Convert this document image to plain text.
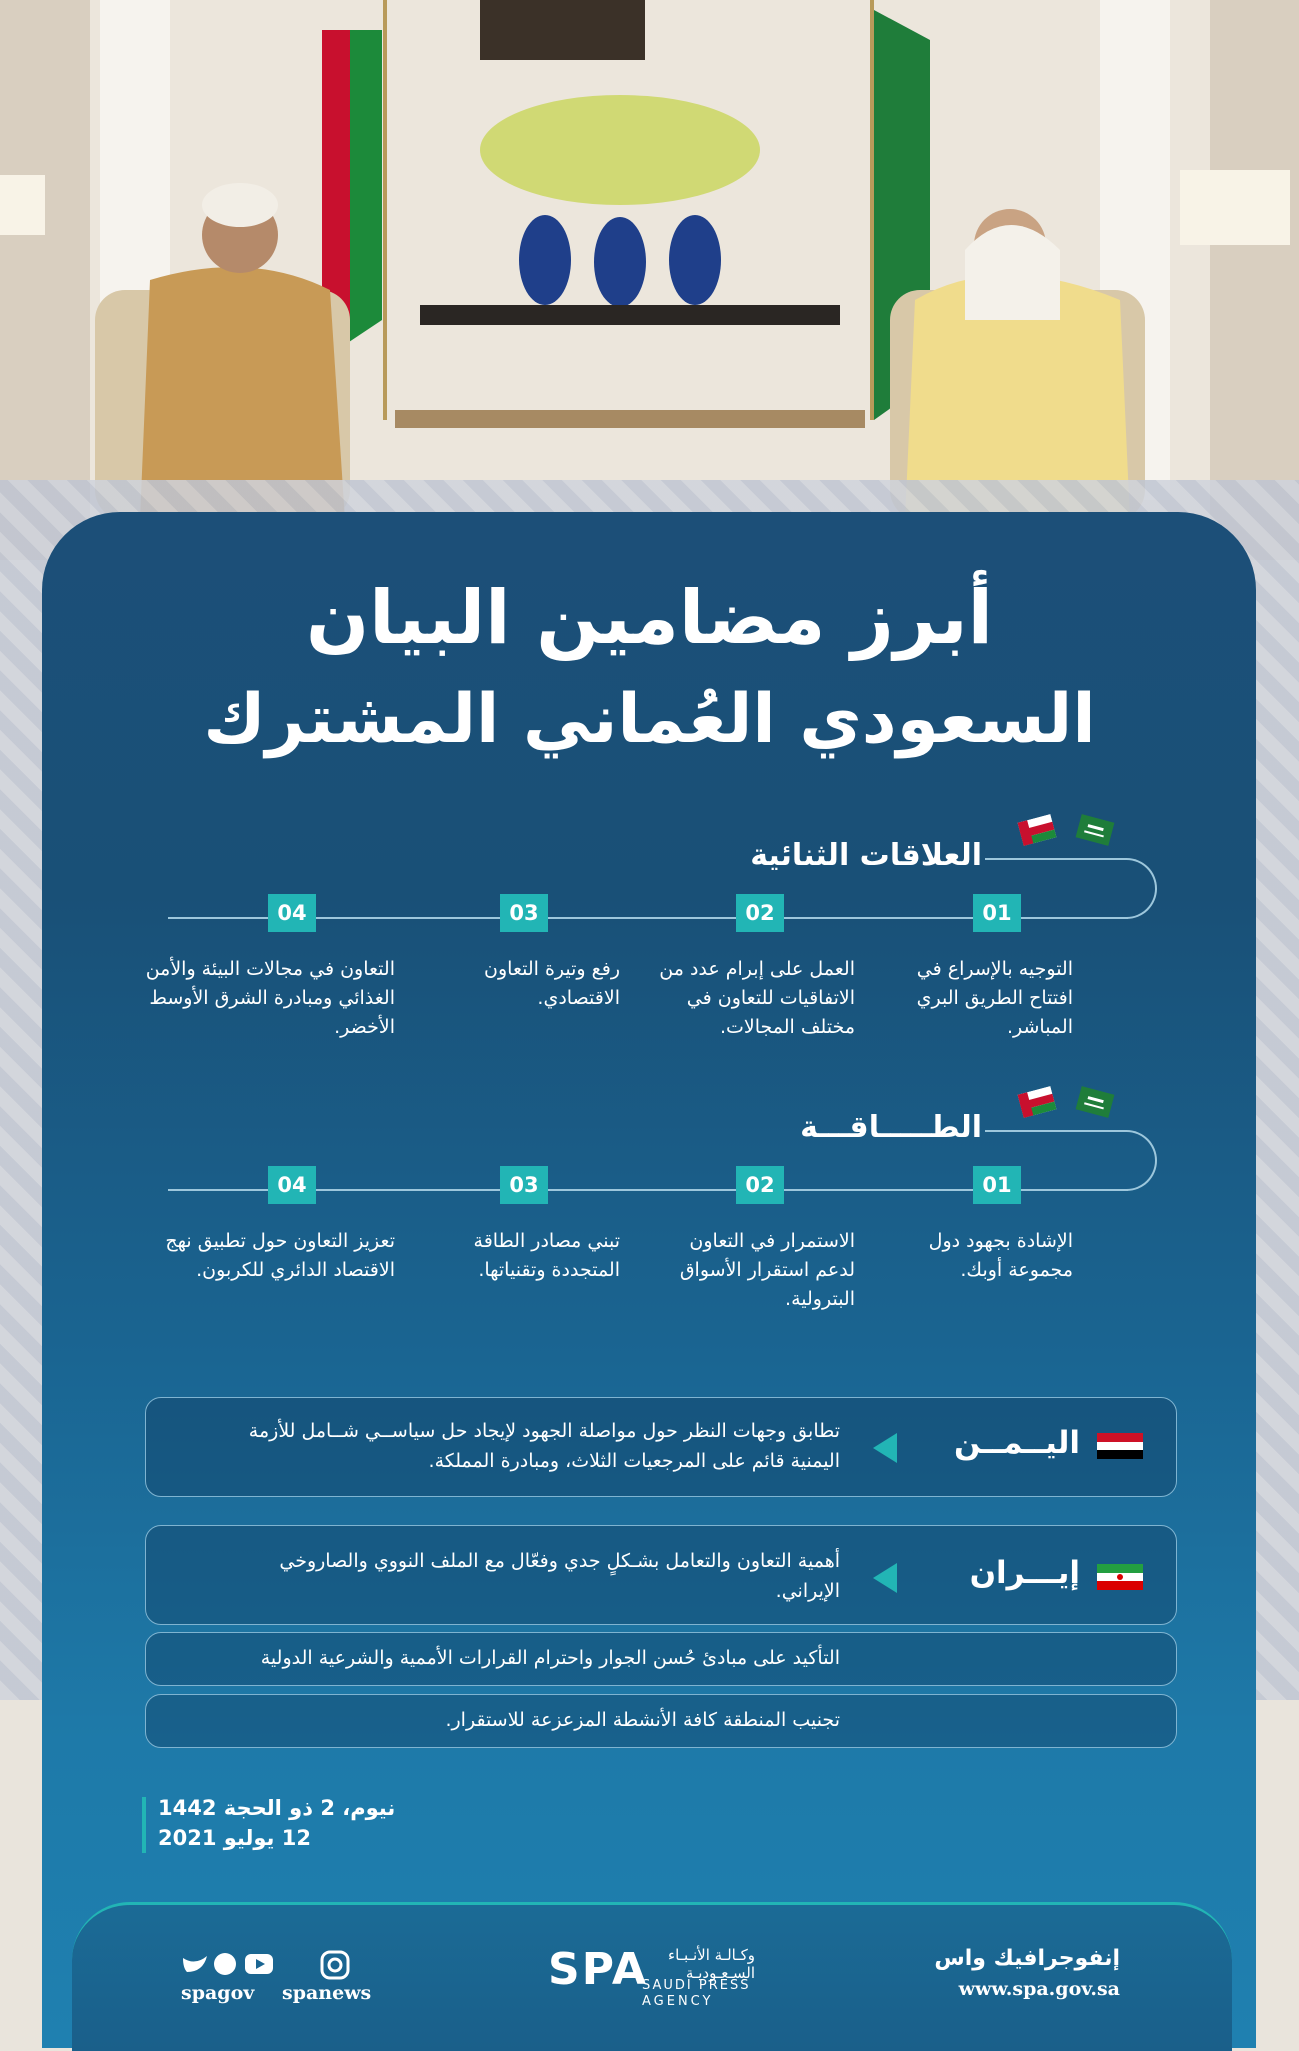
أبرز مضامين البيان
السعودي العُماني المشترك
العلاقات الثنائية
01
02
03
04
التوجيه بالإسراع في افتتاح الطريق البري المباشر.
العمل على إبرام عدد من الاتفاقيات للتعاون في مختلف المجالات.
رفع وتيرة التعاون الاقتصادي.
التعاون في مجالات البيئة والأمن الغذائي ومبادرة الشرق الأوسط الأخضر.
الطـــــاقـــة
01
02
03
04
الإشادة بجهود دول مجموعة أوبك.
الاستمرار في التعاون لدعم استقرار الأسواق البترولية.
تبني مصادر الطاقة المتجددة وتقنياتها.
تعزيز التعاون حول تطبيق نهج الاقتصاد الدائري للكربون.
اليــمــن
تطابق وجهات النظر حول مواصلة الجهود لإيجاد حل سياســي شــامل للأزمة اليمنية قائم على المرجعيات الثلاث، ومبادرة المملكة.
إيـــران
أهمية التعاون والتعامل بشـكلٍ جدي وفعّال مع الملف النووي والصاروخي الإيراني.
التأكيد على مبادئ حُسن الجوار واحترام القرارات الأممية والشرعية الدولية
تجنيب المنطقة كافة الأنشطة المزعزعة للاستقرار.
نيوم، 2 ذو الحجة 1442
12 يوليو 2021
spagov spanews	SPA	وكـالـة الأنـبـاء السـعـوديـة
SAUDI PRESS
AGENCY
إنفوجرافيك واس
www.spa.gov.sa
